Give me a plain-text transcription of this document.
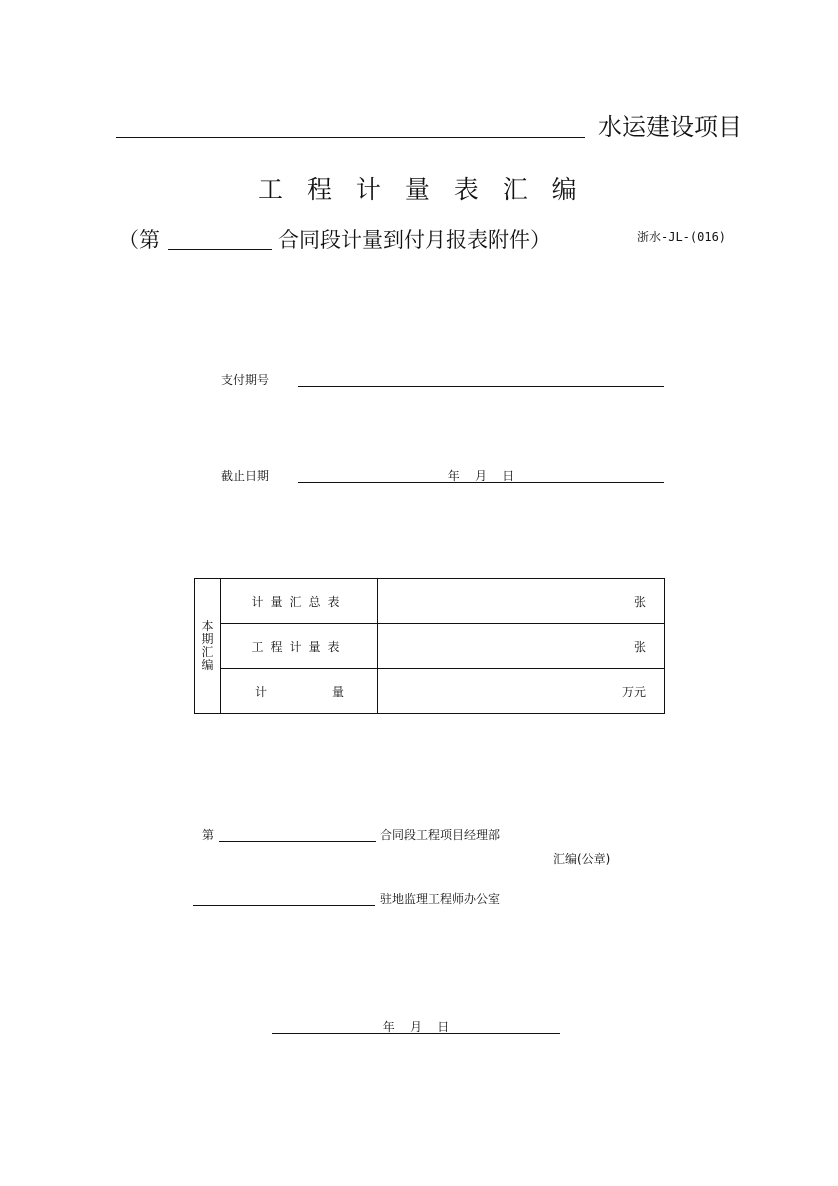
水运建设项目
工 程 计 量 表 汇 编
（第	合同段计量到付月报表附件）	浙水-JL-(016)
支付期号
截止日期	年    月    日
本期汇编	计量汇总表	张
	工程计量表	张

	计 量	万元
第	合同段工程项目经理部
汇编(公章)
驻地监理工程师办公室
年    月    日
